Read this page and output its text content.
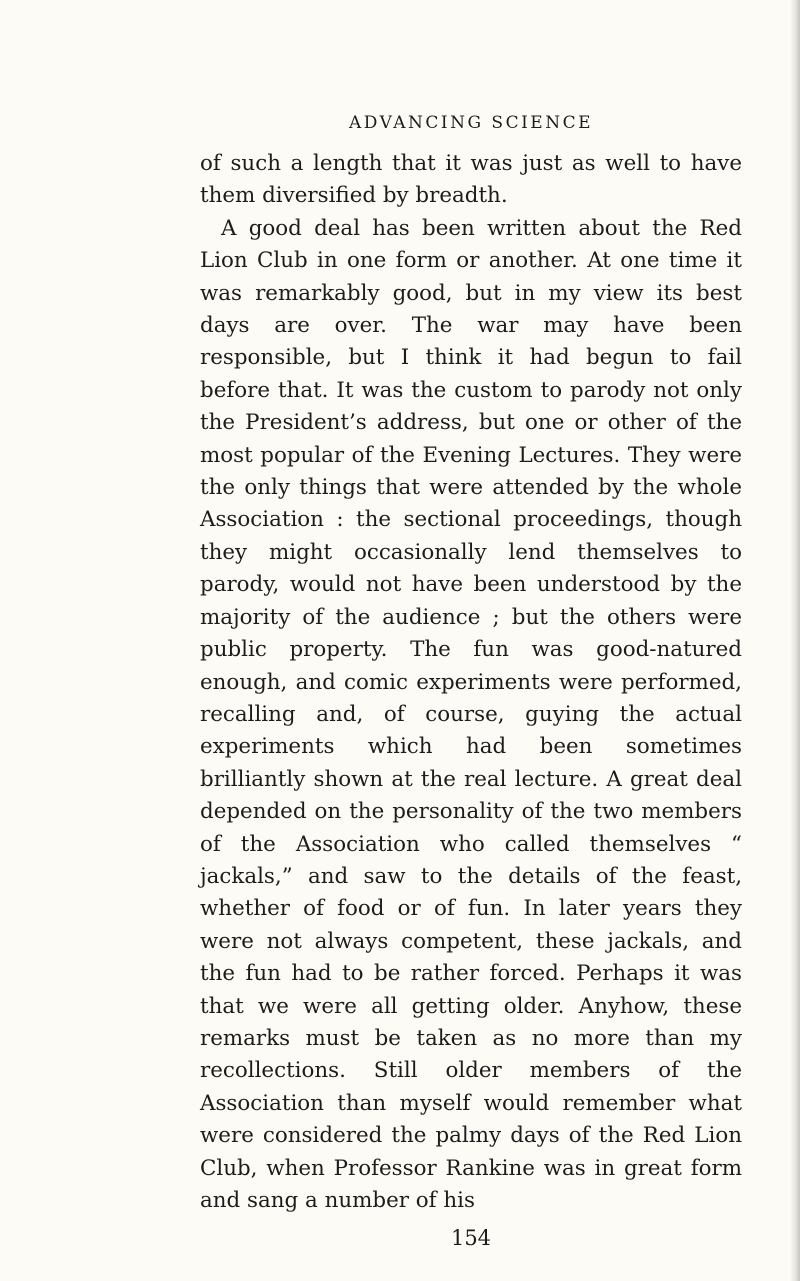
ADVANCING SCIENCE

of such a length that it was just as well to have them diversified by breadth.

A good deal has been written about the Red Lion Club in one form or another. At one time it was remarkably good, but in my view its best days are over. The war may have been responsible, but I think it had begun to fail before that. It was the custom to parody not only the President’s address, but one or other of the most popular of the Evening Lectures. They were the only things that were attended by the whole Association : the sectional proceedings, though they might occasionally lend themselves to parody, would not have been understood by the majority of the audience ; but the others were public property. The fun was good-natured enough, and comic experiments were performed, recalling and, of course, guying the actual experiments which had been sometimes brilliantly shown at the real lecture. A great deal depended on the personality of the two members of the Association who called themselves “ jackals,” and saw to the details of the feast, whether of food or of fun. In later years they were not always competent, these jackals, and the fun had to be rather forced. Perhaps it was that we were all getting older. Anyhow, these remarks must be taken as no more than my recollections. Still older members of the Association than myself would remember what were considered the palmy days of the Red Lion Club, when Professor Rankine was in great form and sang a number of his

154
